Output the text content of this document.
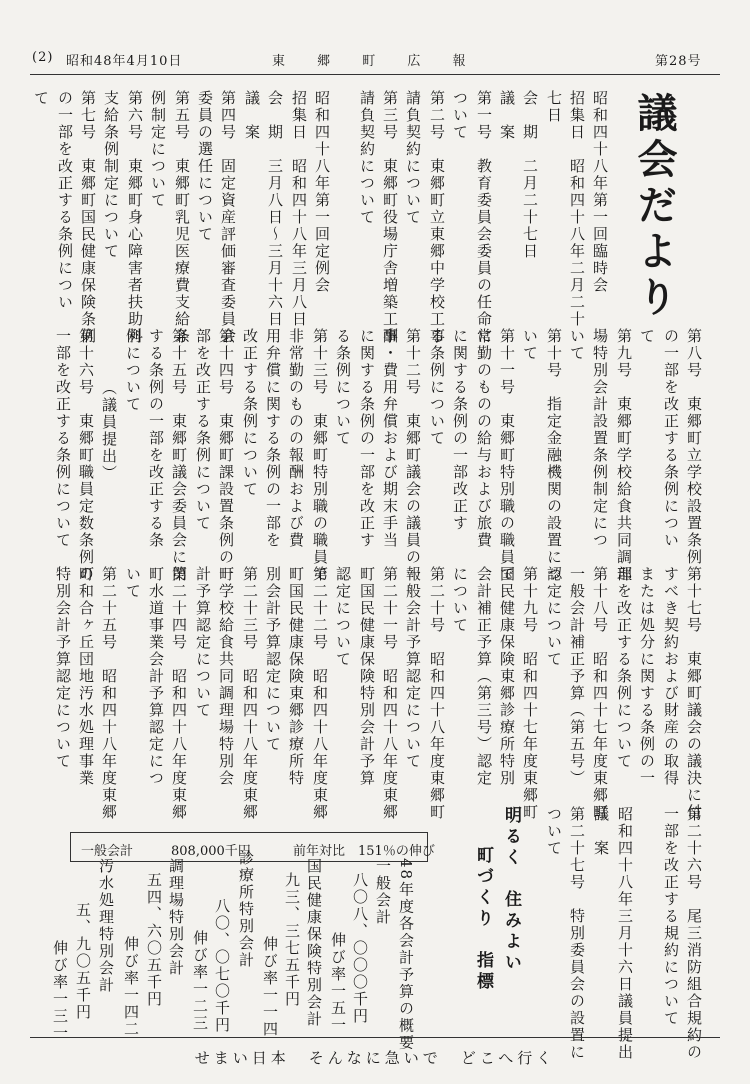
(2) 昭和48年4月10日	東 郷 町 広 報	第28号
議会だより
昭和四十八年第一回臨時会
招集日　昭和四十八年二月二十
七日
会　期　二月二十七日
議　案
第一号　教育委員会委員の任命に
ついて
第二号　東郷町立東郷中学校工事
請負契約について
第三号　東郷町役場庁舎増築工事
請負契約について
昭和四十八年第一回定例会
招集日　昭和四十八年三月八日
会　期　三月八日～三月十六日
議　案
第四号　固定資産評価審査委員会
委員の選任について
第五号　東郷町乳児医療費支給条
例制定について
第六号　東郷町身心障害者扶助料
支給条例制定について
第七号　東郷町国民健康保険条例
の一部を改正する条例につい
て
第八号　東郷町立学校設置条例
の一部を改正する条例につい
て
第九号　東郷町学校給食共同調理
場特別会計設置条例制定につ
いて
第十号　指定金融機関の設置につ
いて
第十一号　東郷町特別職の職員で
常勤のものの給与および旅費
に関する条例の一部改正す
る条例について
第十二号　東郷町議会の議員の報
酬・費用弁償および期末手当
に関する条例の一部を改正す
る条例について
第十三号　東郷町特別職の職員で
非常勤のものの報酬および費
用弁償に関する条例の一部を
改正する条例について
第十四号　東郷町課設置条例の一
部を改正する条例について
第十五号　東郷町議会委員会に関
する条例の一部を改正する条
例について
（議員提出）
第十六号　東郷町職員定数条例の
一部を改正する条例について
第十七号　東郷町議会の議決に付
すべき契約および財産の取得
または処分に関する条例の一
部を改正する条例について
第十八号　昭和四十七年度東郷町
一般会計補正予算（第五号）
認定について
第十九号　昭和四十七年度東郷町
国民健康保険東郷診療所特別
会計補正予算（第三号）認定
について
第二十号　昭和四十八年度東郷町
一般会計予算認定について
第二十一号　昭和四十八年度東郷
町国民健康保険特別会計予算
認定について
第二十二号　昭和四十八年度東郷
町国民健康保険東郷診療所特
別会計予算認定について
第二十三号　昭和四十八年度東郷
町学校給食共同調理場特別会
計予算認定について
第二十四号　昭和四十八年度東郷
町水道事業会計予算認定につ
いて
第二十五号　昭和四十八年度東郷
町和合ヶ丘団地汚水処理事業
特別会計予算認定について
第二十六号　尾三消防組合規約の
一部を改正する規約について
昭和四十八年三月十六日議員提出
議　案
第二十七号　特別委員会の設置に
ついて
明るく　住みよい
町づくり　指標
一般会計	808,000千円	前年対比　151％の伸び
48年度各会計予算の概要
一般会計
八〇八、〇〇〇千円
伸び率一五一
国民健康保険特別会計
九三、三七五千円
伸び率一一四
診療所特別会計
八〇、〇七〇千円
伸び率一二三
調理場特別会計
五四、六〇五千円
伸び率一四二
汚水処理特別会計
五、九〇五千円
伸び率一三一
せまい日本　そんなに急いで　どこへ行く
